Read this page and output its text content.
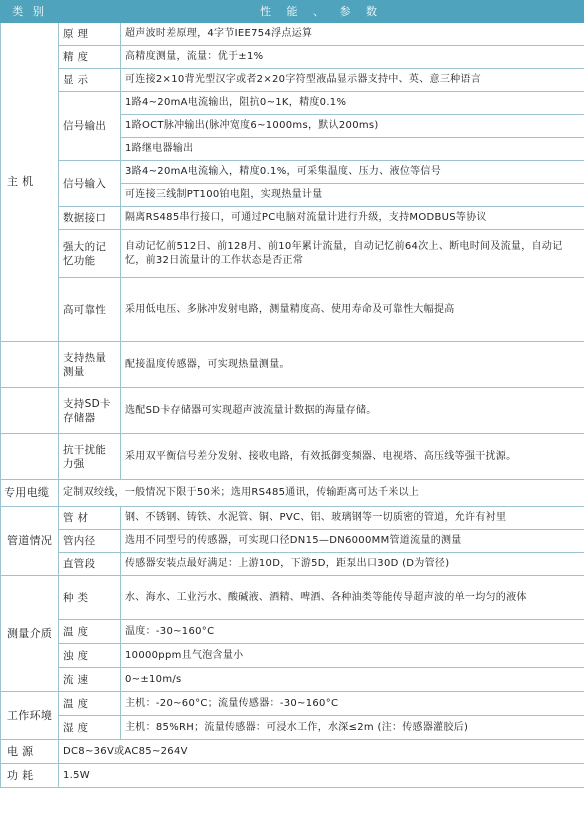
类 别	性 能 、 参 数	
主 机	原 理	超声波时差原理，4字节IEE754浮点运算
	精 度	高精度测量，流量：优于±1%
	显 示	可连接2×10背光型汉字或者2×20字符型液晶显示器支持中、英、意三种语言
	信号输出	1路4~20mA电流输出，阻抗0~1K，精度0.1%
		1路OCT脉冲输出(脉冲宽度6~1000ms，默认200ms)
		1路继电器输出
	信号输入	3路4~20mA电流输入，精度0.1%，可采集温度、压力、液位等信号
		可连接三线制PT100铂电阻，实现热量计量
	数据接口	隔离RS485串行接口，可通过PC电脑对流量计进行升级，支持MODBUS等协议
	强大的记忆功能	自动记忆前512日、前128月、前10年累计流量，自动记忆前64次上、断电时间及流量，自动记忆，前32日流量计的工作状态是否正常
	高可靠性	采用低电压、多脉冲发射电路，测量精度高、使用寿命及可靠性大幅提高
	支持热量测量	配接温度传感器，可实现热量测量。
	支持SD卡存储器	选配SD卡存储器可实现超声波流量计数据的海量存储。
	抗干扰能力强	采用双平衡信号差分发射、接收电路，有效抵御变频器、电视塔、高压线等强干扰源。
专用电缆	定制双绞线，一般情况下限于50米；选用RS485通讯，传输距离可达千米以上	
管道情况	管 材	钢、不锈钢、铸铁、水泥管、铜、PVC、铝、玻璃钢等一切质密的管道，允许有衬里
	管内径	选用不同型号的传感器，可实现口径DN15—DN6000MM管道流量的测量
	直管段	传感器安装点最好满足：上游10D，下游5D，距泵出口30D (D为管径)
测量介质	种 类	水、海水、工业污水、酸碱液、酒精、啤酒、各种油类等能传导超声波的单一均匀的液体
	温 度	温度：-30~160°C
	浊 度	10000ppm且气泡含量小
	流 速	0~±10m/s
工作环境	温 度	主机：-20~60°C；流量传感器：-30~160°C
	湿 度	主机：85%RH；流量传感器：可浸水工作，水深≤2m (注：传感器灌胶后)
电 源	DC8~36V或AC85~264V	
功 耗	1.5W	
